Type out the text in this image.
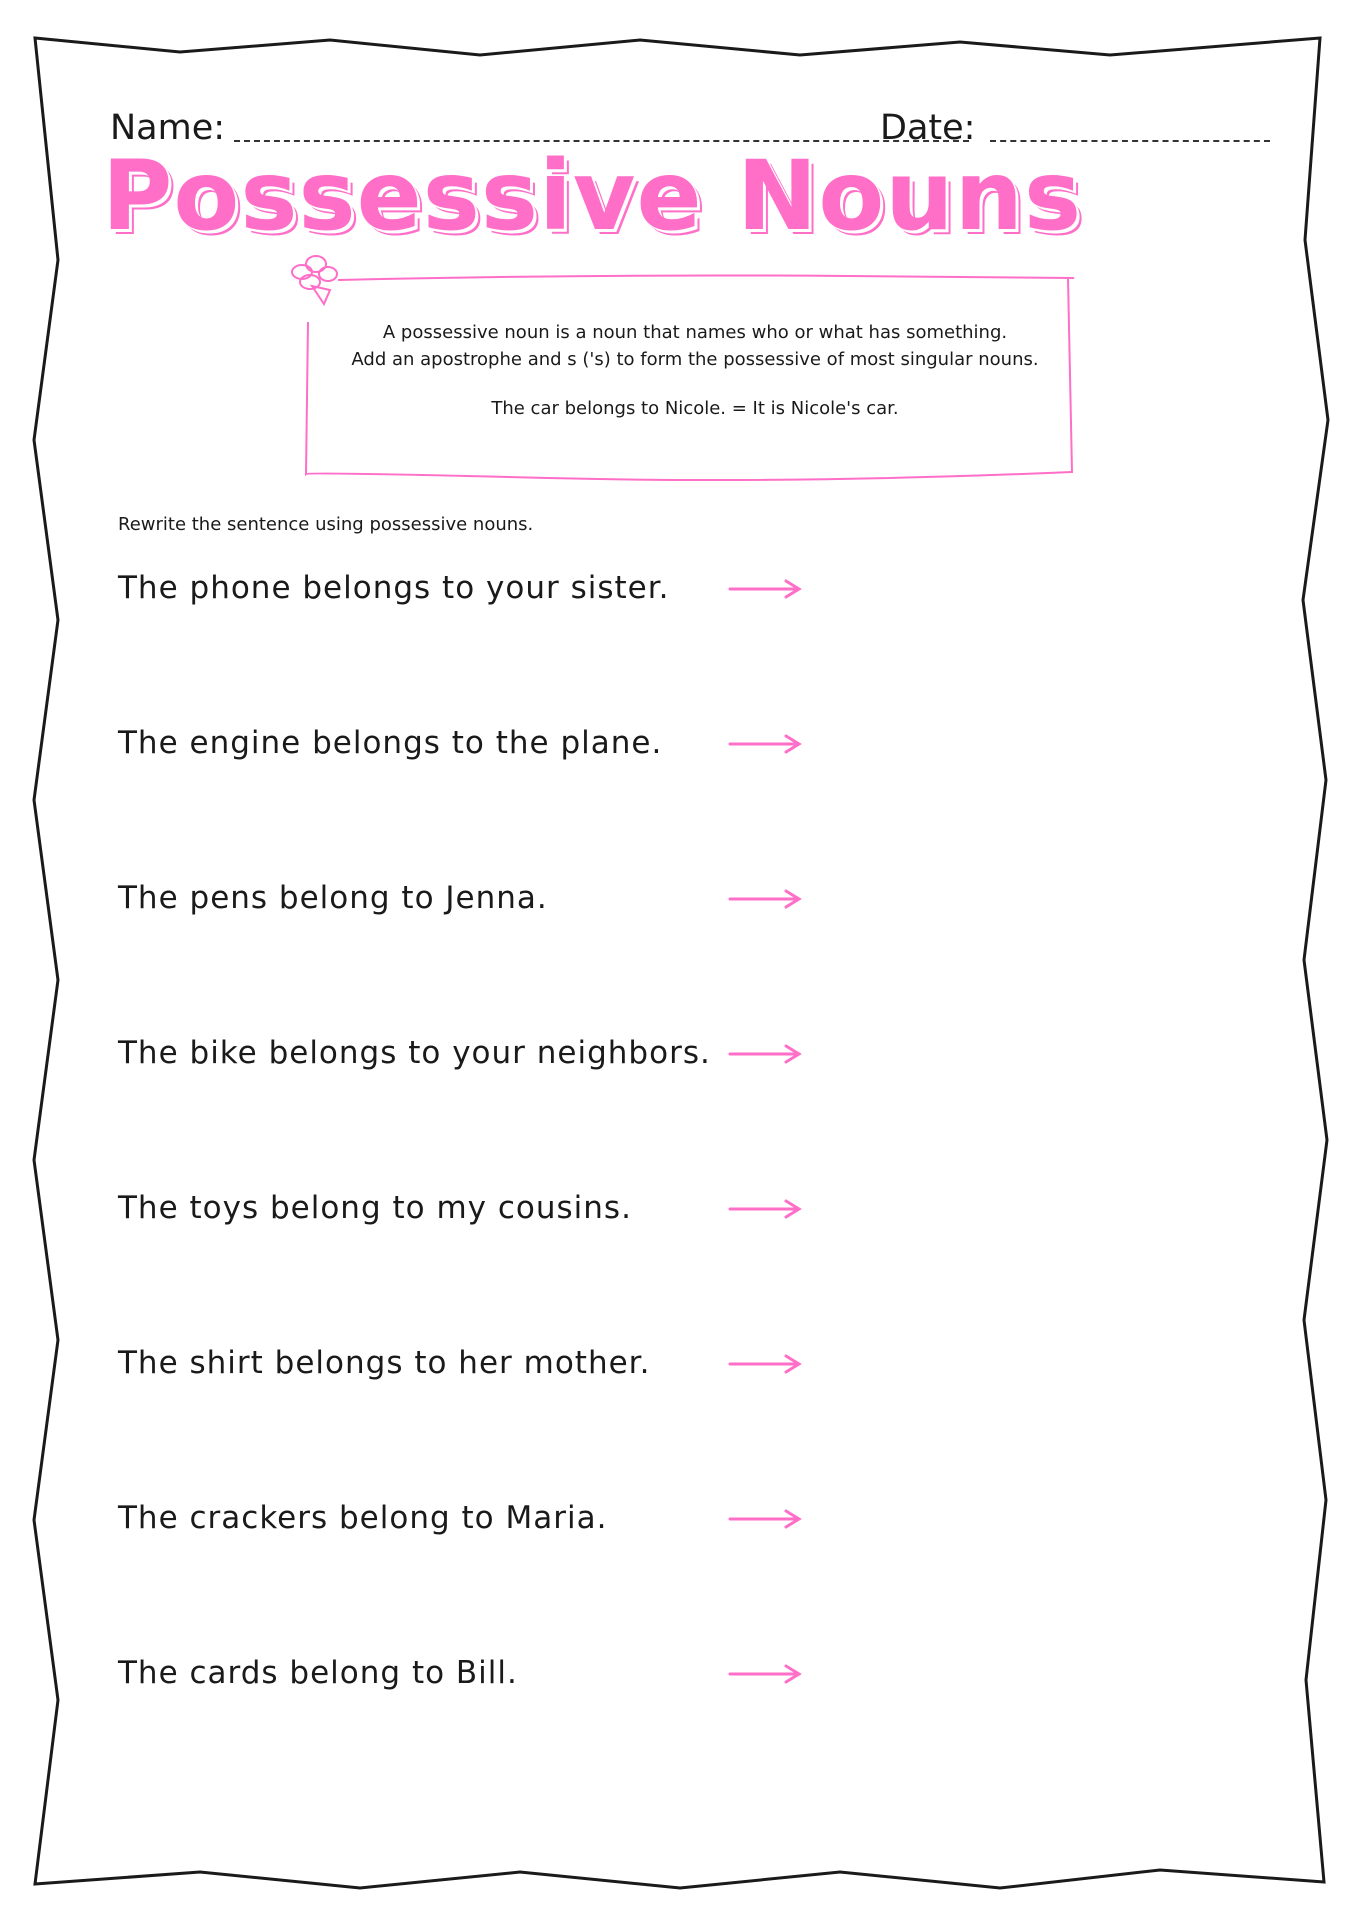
Name:	Date:
Possessive Nouns
A possessive noun is a noun that names who or what has something.
Add an apostrophe and s ('s) to form the possessive of most singular nouns.
The car belongs to Nicole. = It is Nicole's car.
Rewrite the sentence using possessive nouns.
The phone belongs to your sister.
The engine belongs to the plane.
The pens belong to Jenna.
The bike belongs to your neighbors.
The toys belong to my cousins.
The shirt belongs to her mother.
The crackers belong to Maria.
The cards belong to Bill.
